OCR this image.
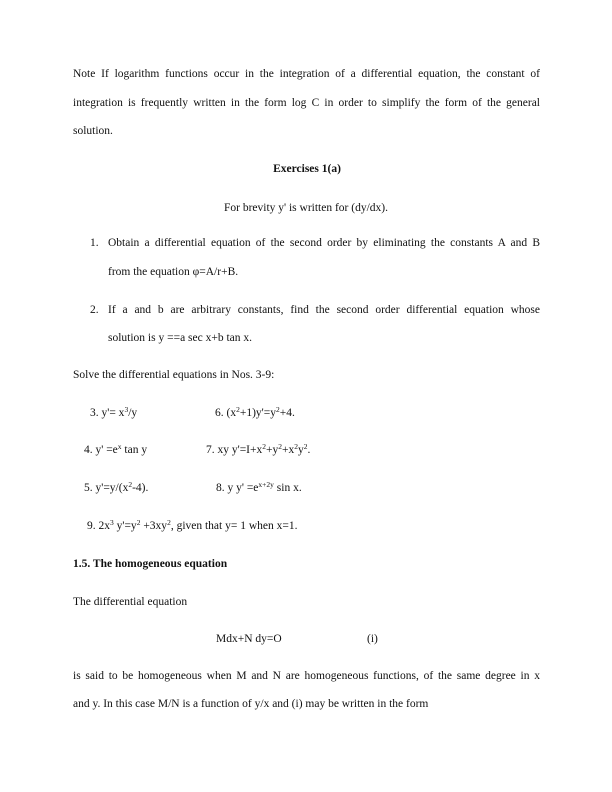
Note If logarithm functions occur in the integration of a differential equation, the constant of
integration is frequently written in the form log C in order to simplify the form of the general
solution.
Exercises 1(a)
For brevity y' is written for (dy/dx).
1. Obtain a differential equation of the second order by eliminating the constants A and B
from the equation φ=A/r+B.
2. If a and b are arbitrary constants, find the second order differential equation whose
solution is y ==a sec x+b tan x.
Solve the differential equations in Nos. 3-9:
3. $y'= x^3/y$	6. $(x^2+1)y'=y^2+4$.
4. $y' =e^x$ tan y	7. xy $y'=I+x^2+y^2+x^2y^2$.
5. $y'=y/(x^2-4)$.	8. y $y' =e^{x+2y}$ sin x.
9. $2x^3$ $y'=y^2 +3xy^2$, given that y= 1 when x=1.
1.5. The homogeneous equation
The differential equation
Mdx+N dy=O	(i)
is said to be homogeneous when M and N are homogeneous functions, of the same degree in x
and y. In this case M/N is a function of y/x and (i) may be written in the form
